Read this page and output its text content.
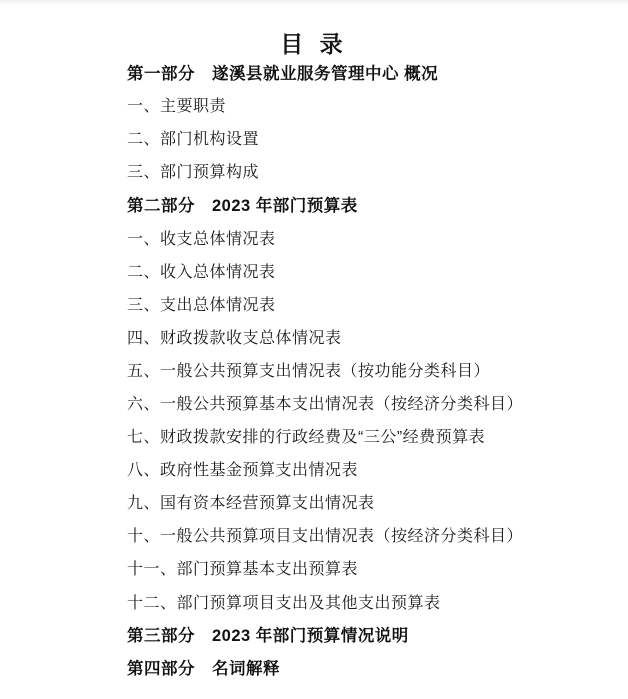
目 录
第一部分　遂溪县就业服务管理中心 概况
一、主要职责
二、部门机构设置
三、部门预算构成
第二部分　2023 年部门预算表
一、收支总体情况表
二、收入总体情况表
三、支出总体情况表
四、财政拨款收支总体情况表
五、一般公共预算支出情况表（按功能分类科目）
六、一般公共预算基本支出情况表（按经济分类科目）
七、财政拨款安排的行政经费及“三公”经费预算表
八、政府性基金预算支出情况表
九、国有资本经营预算支出情况表
十、一般公共预算项目支出情况表（按经济分类科目）
十一、部门预算基本支出预算表
十二、部门预算项目支出及其他支出预算表
第三部分　2023 年部门预算情况说明
第四部分　名词解释
